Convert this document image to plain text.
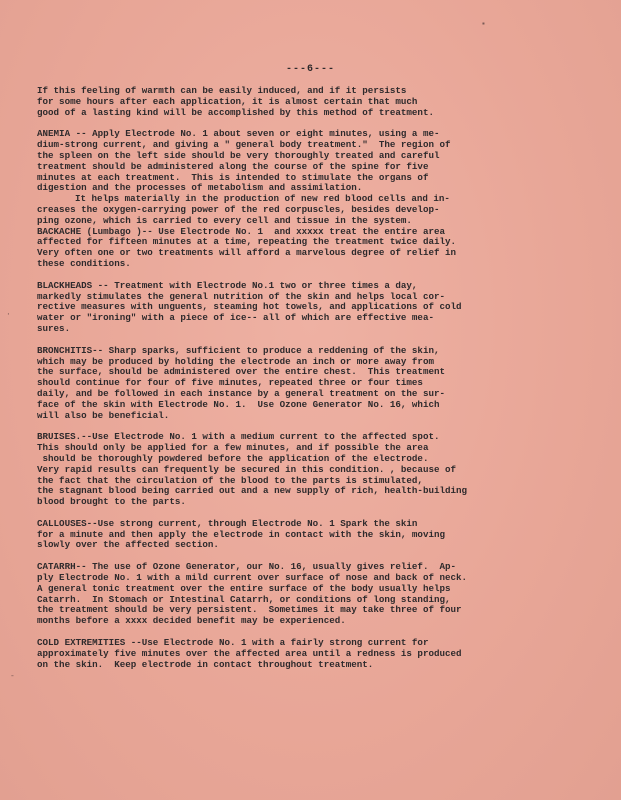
▪
·
-
---6---
If this feeling of warmth can be easily induced, and if it persists
for some hours after each application, it is almost certain that much
good of a lasting kind will be accomplished by this method of treatment.
ANEMIA -- Apply Electrode No. 1 about seven or eight minutes, using a me-
dium-strong current, and giving a " general body treatment."  The region of
the spleen on the left side should be very thoroughly treated and careful
treatment should be administered along the course of the spine for five
minutes at each treatment.  This is intended to stimulate the organs of
digestion and the processes of metabolism and assimilation.
It helps materially in the production of new red blood cells and in-
creases the oxygen-carrying power of the red corpuscles, besides develop-
ping ozone, which is carried to every cell and tissue in the system.
BACKACHE (Lumbago )-- Use Electrode No. 1  and xxxxx treat the entire area
affected for fifteen minutes at a time, repeating the treatment twice daily.
Very often one or two treatments will afford a marvelous degree of relief in
these conditions.
BLACKHEADS -- Treatment with Electrode No.1 two or three times a day,
markedly stimulates the general nutrition of the skin and helps local cor-
rective measures with unguents, steaming hot towels, and applications of cold
water or "ironing" with a piece of ice-- all of which are effective mea-
sures.
BRONCHITIS-- Sharp sparks, sufficient to produce a reddening of the skin,
which may be produced by holding the electrode an inch or more away from
the surface, should be administered over the entire chest.  This treatment
should continue for four of five minutes, repeated three or four times
daily, and be followed in each instance by a general treatment on the sur-
face of the skin with Electrode No. 1.  Use Ozone Generator No. 16, which
will also be beneficial.
BRUISES.--Use Electrode No. 1 with a medium current to the affected spot.
This should only be applied for a few minutes, and if possible the area
should be thoroughly powdered before the application of the electrode.
Very rapid results can frequently be secured in this condition. , because of
the fact that the circulation of the blood to the parts is stimulated,
the stagnant blood being carried out and a new supply of rich, health-building
blood brought to the parts.
CALLOUSES--Use strong current, through Electrode No. 1 Spark the skin
for a minute and then apply the electrode in contact with the skin, moving
slowly over the affected section.
CATARRH-- The use of Ozone Generator, our No. 16, usually gives relief.  Ap-
ply Electrode No. 1 with a mild current over surface of nose and back of neck.
A general tonic treatment over the entire surface of the body usually helps
Catarrh.  In Stomach or Intestinal Catarrh, or conditions of long standing,
the treatment should be very persistent.  Sometimes it may take three of four
months before a xxxx decided benefit may be experienced.
COLD EXTREMITIES --Use Electrode No. 1 with a fairly strong current for
approximately five minutes over the affected area until a redness is produced
on the skin.  Keep electrode in contact throughout treatment.
